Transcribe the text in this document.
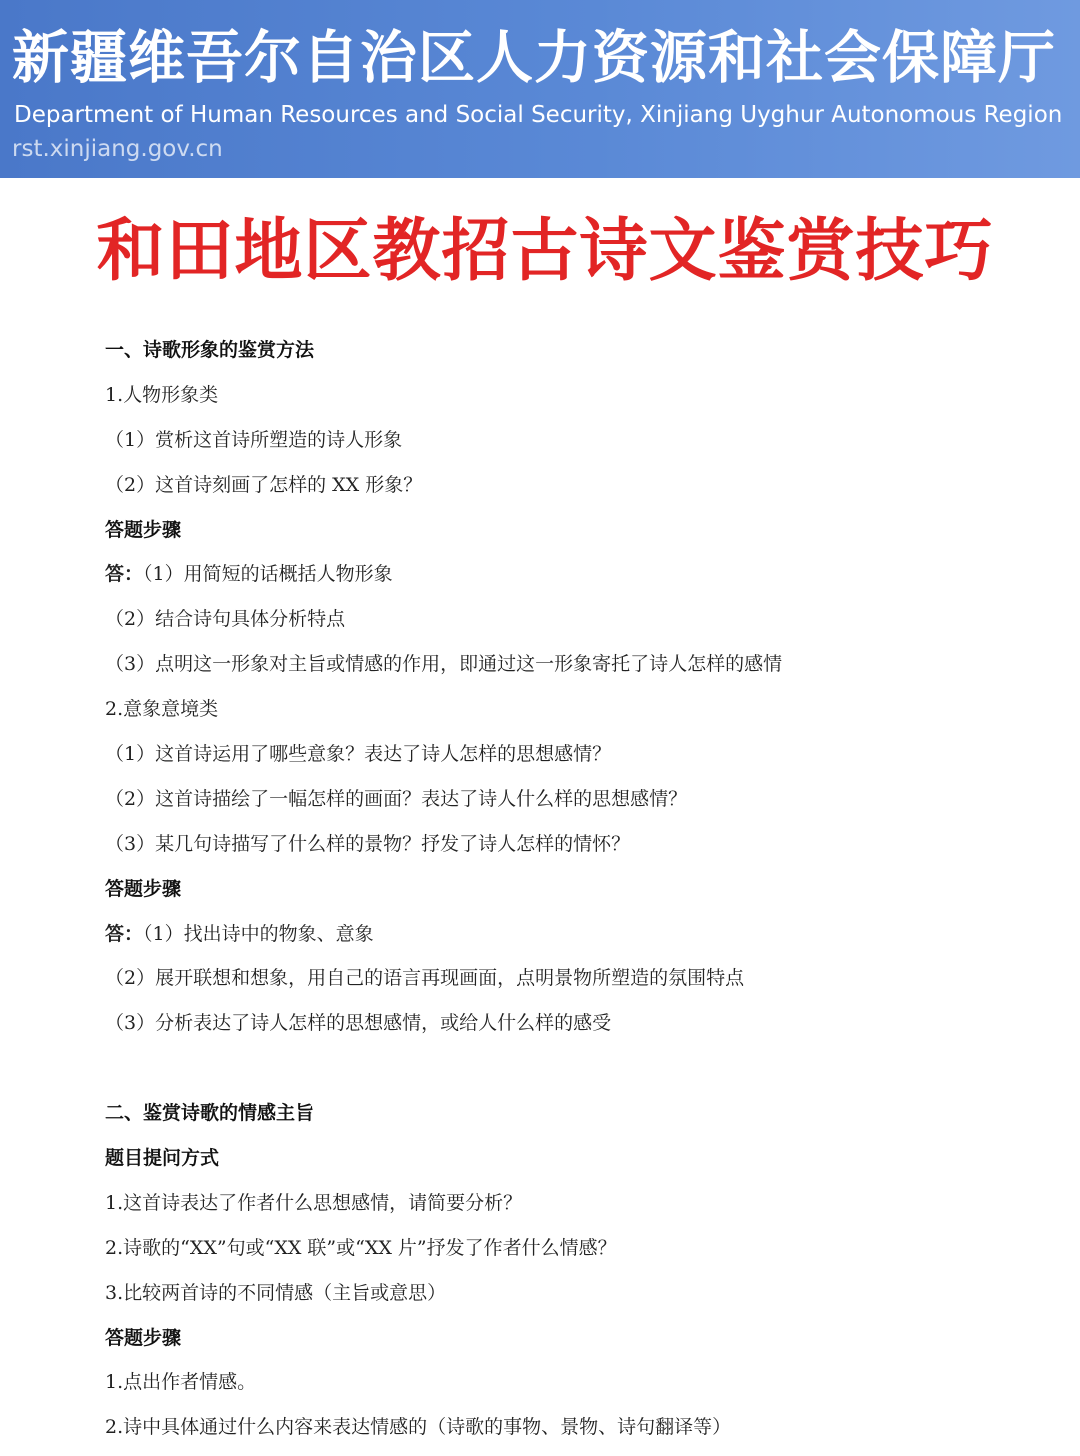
新疆维吾尔自治区人力资源和社会保障厅
Department of Human Resources and Social Security, Xinjiang Uyghur Autonomous Region
rst.xinjiang.gov.cn
和田地区教招古诗文鉴赏技巧
一、诗歌形象的鉴赏方法
1.人物形象类
（1）赏析这首诗所塑造的诗人形象
（2）这首诗刻画了怎样的 XX 形象？
答题步骤
答：（1）用简短的话概括人物形象
（2）结合诗句具体分析特点
（3）点明这一形象对主旨或情感的作用，即通过这一形象寄托了诗人怎样的感情
2.意象意境类
（1）这首诗运用了哪些意象？表达了诗人怎样的思想感情？
（2）这首诗描绘了一幅怎样的画面？表达了诗人什么样的思想感情？
（3）某几句诗描写了什么样的景物？抒发了诗人怎样的情怀？
答题步骤
答：（1）找出诗中的物象、意象
（2）展开联想和想象，用自己的语言再现画面，点明景物所塑造的氛围特点
（3）分析表达了诗人怎样的思想感情，或给人什么样的感受
二、鉴赏诗歌的情感主旨
题目提问方式
1.这首诗表达了作者什么思想感情，请简要分析？
2.诗歌的“XX”句或“XX 联”或“XX 片”抒发了作者什么情感？
3.比较两首诗的不同情感（主旨或意思）
答题步骤
1.点出作者情感。
2.诗中具体通过什么内容来表达情感的（诗歌的事物、景物、诗句翻译等）
